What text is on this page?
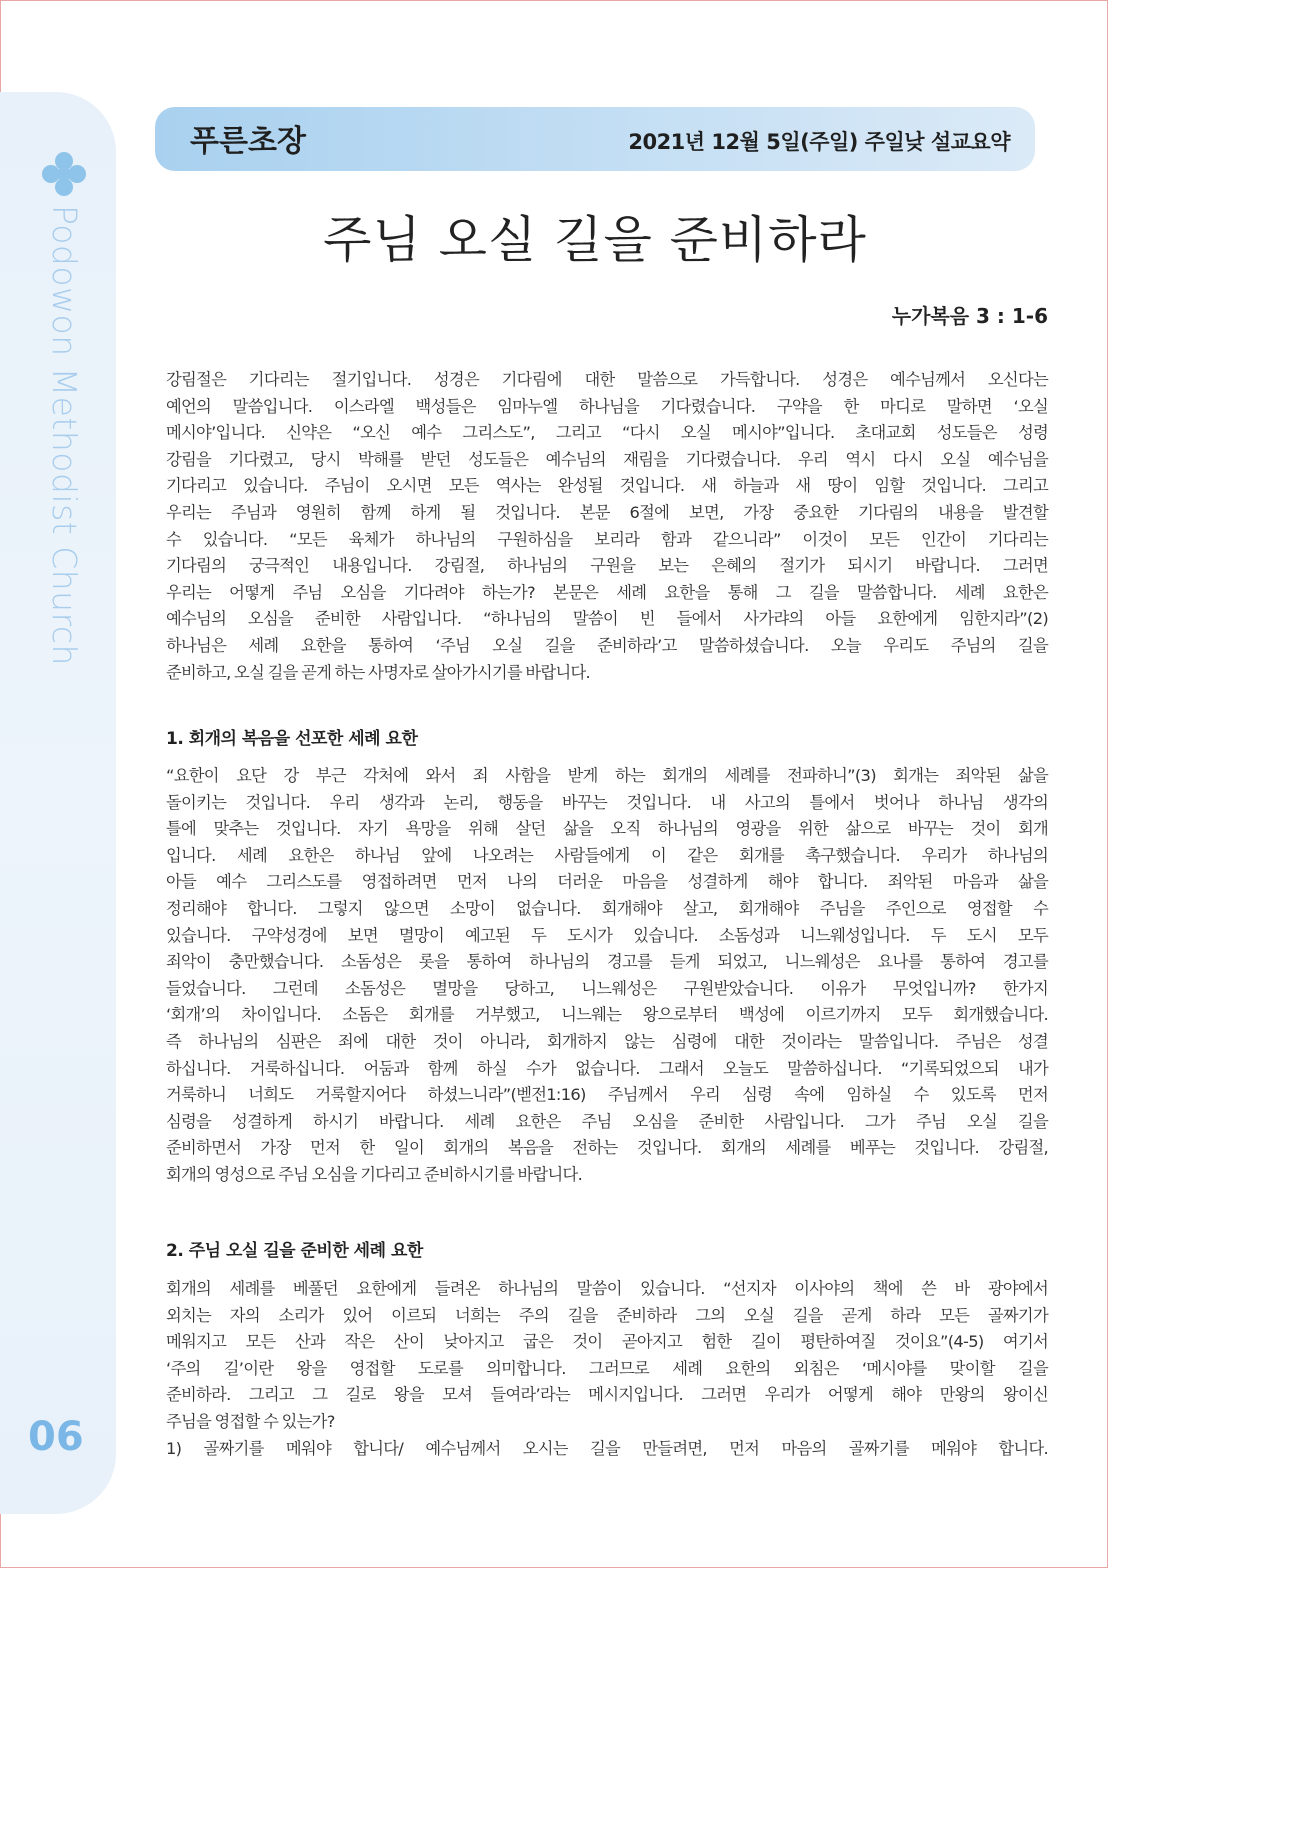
Podowon Methodist Church
06
푸른초장	2021년 12월 5일(주일) 주일낮 설교요약
주님 오실 길을 준비하라
누가복음 3 : 1-6
강림절은 기다리는 절기입니다. 성경은 기다림에 대한 말씀으로 가득합니다. 성경은 예수님께서 오신다는
예언의 말씀입니다. 이스라엘 백성들은 임마누엘 하나님을 기다렸습니다. 구약을 한 마디로 말하면 ‘오실
메시야’입니다. 신약은 “오신 예수 그리스도”, 그리고 “다시 오실 메시야”입니다. 초대교회 성도들은 성령
강림을 기다렸고, 당시 박해를 받던 성도들은 예수님의 재림을 기다렸습니다. 우리 역시 다시 오실 예수님을
기다리고 있습니다. 주님이 오시면 모든 역사는 완성될 것입니다. 새 하늘과 새 땅이 임할 것입니다. 그리고
우리는 주님과 영원히 함께 하게 될 것입니다. 본문 6절에 보면, 가장 중요한 기다림의 내용을 발견할
수 있습니다. “모든 육체가 하나님의 구원하심을 보리라 함과 같으니라” 이것이 모든 인간이 기다리는
기다림의 궁극적인 내용입니다. 강림절, 하나님의 구원을 보는 은혜의 절기가 되시기 바랍니다. 그러면
우리는 어떻게 주님 오심을 기다려야 하는가? 본문은 세례 요한을 통해 그 길을 말씀합니다. 세례 요한은
예수님의 오심을 준비한 사람입니다. “하나님의 말씀이 빈 들에서 사가랴의 아들 요한에게 임한지라”(2)
하나님은 세례 요한을 통하여 ‘주님 오실 길을 준비하라’고 말씀하셨습니다. 오늘 우리도 주님의 길을
준비하고, 오실 길을 곧게 하는 사명자로 살아가시기를 바랍니다.
1. 회개의 복음을 선포한 세례 요한
“요한이 요단 강 부근 각처에 와서 죄 사함을 받게 하는 회개의 세례를 전파하니”(3) 회개는 죄악된 삶을
돌이키는 것입니다. 우리 생각과 논리, 행동을 바꾸는 것입니다. 내 사고의 틀에서 벗어나 하나님 생각의
틀에 맞추는 것입니다. 자기 욕망을 위해 살던 삶을 오직 하나님의 영광을 위한 삶으로 바꾸는 것이 회개
입니다. 세례 요한은 하나님 앞에 나오려는 사람들에게 이 같은 회개를 촉구했습니다. 우리가 하나님의
아들 예수 그리스도를 영접하려면 먼저 나의 더러운 마음을 성결하게 해야 합니다. 죄악된 마음과 삶을
정리해야 합니다. 그렇지 않으면 소망이 없습니다. 회개해야 살고, 회개해야 주님을 주인으로 영접할 수
있습니다. 구약성경에 보면 멸망이 예고된 두 도시가 있습니다. 소돔성과 니느웨성입니다. 두 도시 모두
죄악이 충만했습니다. 소돔성은 롯을 통하여 하나님의 경고를 듣게 되었고, 니느웨성은 요나를 통하여 경고를
들었습니다. 그런데 소돔성은 멸망을 당하고, 니느웨성은 구원받았습니다. 이유가 무엇입니까? 한가지
‘회개’의 차이입니다. 소돔은 회개를 거부했고, 니느웨는 왕으로부터 백성에 이르기까지 모두 회개했습니다.
즉 하나님의 심판은 죄에 대한 것이 아니라, 회개하지 않는 심령에 대한 것이라는 말씀입니다. 주님은 성결
하십니다. 거룩하십니다. 어둠과 함께 하실 수가 없습니다. 그래서 오늘도 말씀하십니다. “기록되었으되 내가
거룩하니 너희도 거룩할지어다 하셨느니라”(벧전1:16) 주님께서 우리 심령 속에 임하실 수 있도록 먼저
심령을 성결하게 하시기 바랍니다. 세례 요한은 주님 오심을 준비한 사람입니다. 그가 주님 오실 길을
준비하면서 가장 먼저 한 일이 회개의 복음을 전하는 것입니다. 회개의 세례를 베푸는 것입니다. 강림절,
회개의 영성으로 주님 오심을 기다리고 준비하시기를 바랍니다.
2. 주님 오실 길을 준비한 세례 요한
회개의 세례를 베풀던 요한에게 들려온 하나님의 말씀이 있습니다. “선지자 이사야의 책에 쓴 바 광야에서
외치는 자의 소리가 있어 이르되 너희는 주의 길을 준비하라 그의 오실 길을 곧게 하라 모든 골짜기가
메워지고 모든 산과 작은 산이 낮아지고 굽은 것이 곧아지고 험한 길이 평탄하여질 것이요”(4-5) 여기서
‘주의 길’이란 왕을 영접할 도로를 의미합니다. 그러므로 세례 요한의 외침은 ‘메시야를 맞이할 길을
준비하라. 그리고 그 길로 왕을 모셔 들여라’라는 메시지입니다. 그러면 우리가 어떻게 해야 만왕의 왕이신
주님을 영접할 수 있는가?
1) 골짜기를 메워야 합니다/ 예수님께서 오시는 길을 만들려면, 먼저 마음의 골짜기를 메워야 합니다.
